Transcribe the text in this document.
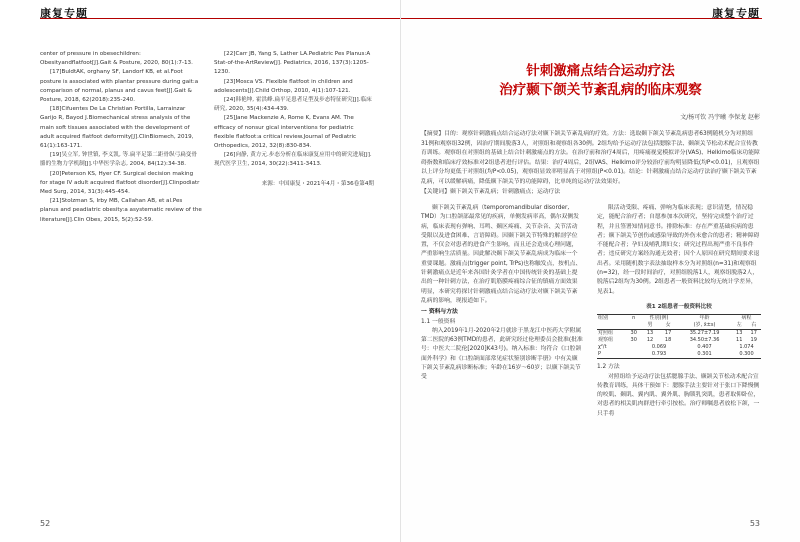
康复专题

center of pressure in obesechildren: Obesityandflatfoot[J].Gait & Posture, 2020, 80(1):7-13.

[17]BuldtAK, orghany SF, Landorf KB, et al.Foot posture is associated with plantar pressure during gait:a comparison of normal, planus and cavus feet[J].Gait & Posture, 2018, 62(2018):235-240.

[18]Cifuentes De La Christian Portilla, Larrainzar Garijo R, Bayod J.Biomechanical stress analysis of the main soft tissues associated with the development of adult acquired flatfoot deformity[J].ClinBiomech, 2019, 61(1):163-171.

[19]吴立军, 钟世镇, 李义凯, 等.扁平足第二距骨纵弓扁变骨骼的生物力学机制[J].中华医学杂志, 2004, 84(12):34-38.

[20]Peterson KS, Hyer CF. Surgical decision making for stage IV adult acquired flatfoot disorder[J].Clinpodiatr Med Surg, 2014, 31(3):445-454.

[21]Stolzman S, Irby MB, Callahan AB, et al.Pes planus and peadiatric obesity:a asystematic review of the literature[J].Clin Obes, 2015, 5(2):52-59.

[22]Carr JB, Yang S, Lather LA.Pediatric Pes Planus:A Stat-of-the-ArtReview[J]. Pediatrics, 2016, 137(3):1205-1230.

[23]Mosca VS. Flexible flatfoot in children and adolescents[J].Child Orthop, 2010, 4(1):107-121.

[24]韩艳坤, 霍洪峰.扁平足患者足型及步态特征研究[J].临床研究, 2020, 35(4):434-439.

[25]Jane Mackenzie A, Rome K, Evans AM. The efficacy of nonsur gical interventions for pediatric flexible flatfoot:a critical review.Journal of Pediatric Orthopedics, 2012, 32(8):830-834.

[26]向静, 黄方元.步态分析在临床康复应用中的研究进展[J].现代医学卫生, 2014, 30(22):3411-3413.

来源：中国康复・2021年4月・第36卷第4期
52
康复专题
针刺激痛点结合运动疗法
治疗颞下颌关节紊乱病的临床观察
文/杨可钦 冯宇曦 李保龙 赵彬
【摘要】目的：观察针刺激痛点结合运动疗法对颞下颌关节紊乱病的疗效。方法：选取颞下颌关节紊乱病患者63例随机分为对照组31例和观察组32例，因治疗期间脱落3人，对照组和观察组各30例。2组均给予运动疗法包括腮腺手法、颞颌关节松动术配合宣传教育训练。观察组在对照组的基础上结合针刺激痛点的方法。在治疗前和治疗4周后，用疼痛视觉模拟评分(VAS)、Helkimo临床功能障碍指数和临床疗效标准对2组患者进行评估。结果：治疗4周后，2组VAS、Helkimo评分较治疗前均明显降低(均P<0.01)，且观察组以上评分均更低于对照组(均P<0.05)，观察组显效率明显高于对照组(P<0.01)。结论：针刺激痛点结合运动疗法治疗颞下颌关节紊乱病，可以缓解病痛，降低颞下颌关节的功能障碍，比单纯的运动疗法效果好。
【关键词】颞下颌关节紊乱病；针刺激痛点；运动疗法

颞下颌关节紊乱病（temporomandibular disorder, TMD）为口腔颌部最常见的疾病，单侧发病率高，偶尔双侧发病，临床表现有弹响、耳鸣、颞区疼痛、关节杂音、关节活动受限以及进食困难、言语障碍。因颞下颌关节特殊的解剖学位置，不仅会对患者的进食产生影响，而且还会造成心理问题，严重影响生活质量。因此解决颞下颌关节紊乱病成为临床一个重要课题。激痛点(trigger point, TrPs)也称触发点，按机点、针刺激痛点是近年来各国针灸学者在中国传统针灸的基础上提出的一种针刺方法，在治疗肌筋膜疼痛综合征的镇痛方面效果明显，本研究将探讨针刺激痛点结合运动疗法对颞下颌关节紊乱病的影响，现报道如下。

一 资料与方法

1.1 一般资料

纳入2019年1月-2020年2月就诊于黑龙江中医药大学附属第二医院的63例TMD的患者，此研究经过伦理委员会批准(批准号：中医大二院伦[2020]K43号)。纳入标准：均符合《口腔颌面外科学》和《口腔颌面部常见症状鉴别诊断手册》中有关颞下颌关节紊乱病诊断标准；年龄在16岁～60岁；以颞下颌关节受

限活动受限、疼痛、弹响为临床表现；意识清楚，情况稳定，能配合治疗者；自愿参加本次研究，坚持完成整个治疗过程，并且签署知情同意书。排除标准：存在严重基础疾病的患者；颞下颌关节创伤或感染导致的外伤未愈合的患者；精神障碍不能配合者；孕妇及哺乳期妇女；研究过程出现严重不良事件者；违反研究方案经沟通无效者；因个人原因在研究期间要求退出者。采用随机数字表法抽取样本分为对照组(n=31)和观察组(n=32)，经一段时间治疗，对照组脱落1人，观察组脱落2人，脱落后2组均为30例。2组患者一般资料比较均无统计学差异，见表1。

表1 2组患者一般资料比较
组别	n	性别(例)		年龄	病程	
		男	女	(岁, x̄±s)	左	右
对照组	30	13	17	35.27±7.19	13	17
观察组	30	12	18	34.50±7.36	11	19
χ²/t		0.069		0.407	1.074	
P		0.793		0.301	0.300	

1.2 方法

对照组给予运动疗法包括腮腺手法、颞颌关节松动术配合宣传教育训练，具体干预如下：腮腺手法主要针对于张口下降慢侧的咬肌、颞肌、翼内肌、翼外肌、胸锁乳突肌，患者取仰卧位，对患者的相关肌肉群进行牵引按松。治疗师嘱患者放松下颌，一只手将

53
